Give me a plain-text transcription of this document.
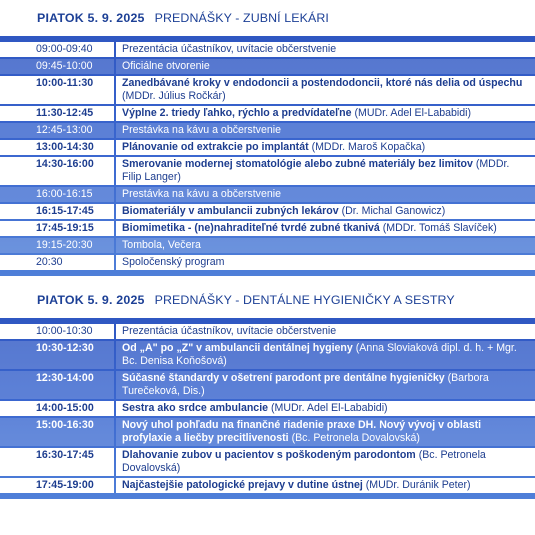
PIATOK 5. 9. 2025 PREDNÁŠKY - ZUBNÍ LEKÁRI
09:00-09:40	Prezentácia účastníkov, uvítacie občerstvenie
09:45-10:00	Oficiálne otvorenie
10:00-11:30	Zanedbávané kroky v endodoncii a postendodoncii, ktoré nás delia od úspechu (MDDr. Július Ročkár)
11:30-12:45	Výplne 2. triedy ľahko, rýchlo a predvídateľne (MUDr. Adel El-Lababidi)
12:45-13:00	Prestávka na kávu a občerstvenie
13:00-14:30	Plánovanie od extrakcie po implantát (MDDr. Maroš Kopačka)
14:30-16:00	Smerovanie modernej stomatológie alebo zubné materiály bez limitov (MDDr. Filip Langer)
16:00-16:15	Prestávka na kávu a občerstvenie
16:15-17:45	Biomateriály v ambulancii zubných lekárov (Dr. Michal Ganowicz)
17:45-19:15	Biomimetika - (ne)nahraditeľné tvrdé zubné tkanivá (MDDr. Tomáš Slavíček)
19:15-20:30	Tombola, Večera
20:30	Spoločenský program
PIATOK 5. 9. 2025 PREDNÁŠKY - DENTÁLNE HYGIENIČKY A SESTRY
10:00-10:30	Prezentácia účastníkov, uvítacie občerstvenie
10:30-12:30	Od „A" po „Z" v ambulancii dentálnej hygieny (Anna Sloviaková dipl. d. h. + Mgr. Bc. Denisa Koňošová)
12:30-14:00	Súčasné štandardy v ošetrení parodont pre dentálne hygieničky (Barbora Turečeková, Dis.)
14:00-15:00	Sestra ako srdce ambulancie (MUDr. Adel El-Lababidi)
15:00-16:30	Nový uhol pohľadu na finančné riadenie praxe DH. Nový vývoj v oblasti profylaxie a liečby precitlivenosti (Bc. Petronela Dovalovská)
16:30-17:45	Dlahovanie zubov u pacientov s poškodeným parodontom (Bc. Petronela Dovalovská)
17:45-19:00	Najčastejšie patologické prejavy v dutine ústnej (MUDr. Duránik Peter)
